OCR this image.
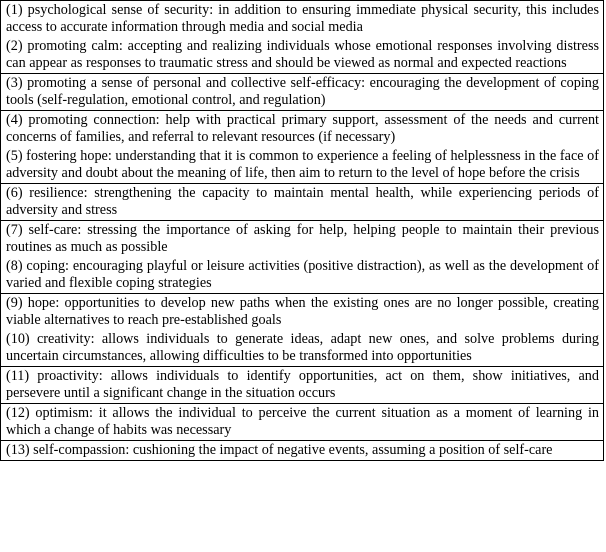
(1) psychological sense of security: in addition to ensuring immediate physical security, this includes access to accurate information through media and social media
(2) promoting calm: accepting and realizing individuals whose emotional responses involving distress can appear as responses to traumatic stress and should be viewed as normal and expected reactions
(3) promoting a sense of personal and collective self-efficacy: encouraging the development of coping tools (self-regulation, emotional control, and regulation)
(4) promoting connection: help with practical primary support, assessment of the needs and current concerns of families, and referral to relevant resources (if necessary)
(5) fostering hope: understanding that it is common to experience a feeling of helplessness in the face of adversity and doubt about the meaning of life, then aim to return to the level of hope before the crisis
(6) resilience: strengthening the capacity to maintain mental health, while experiencing periods of adversity and stress
(7) self-care: stressing the importance of asking for help, helping people to maintain their previous routines as much as possible
(8) coping: encouraging playful or leisure activities (positive distraction), as well as the development of varied and flexible coping strategies
(9) hope: opportunities to develop new paths when the existing ones are no longer possible, creating viable alternatives to reach pre-established goals
(10) creativity: allows individuals to generate ideas, adapt new ones, and solve problems during uncertain circumstances, allowing difficulties to be transformed into opportunities
(11) proactivity: allows individuals to identify opportunities, act on them, show initiatives, and persevere until a significant change in the situation occurs
(12) optimism: it allows the individual to perceive the current situation as a moment of learning in which a change of habits was necessary
(13) self-compassion: cushioning the impact of negative events, assuming a position of self-care
